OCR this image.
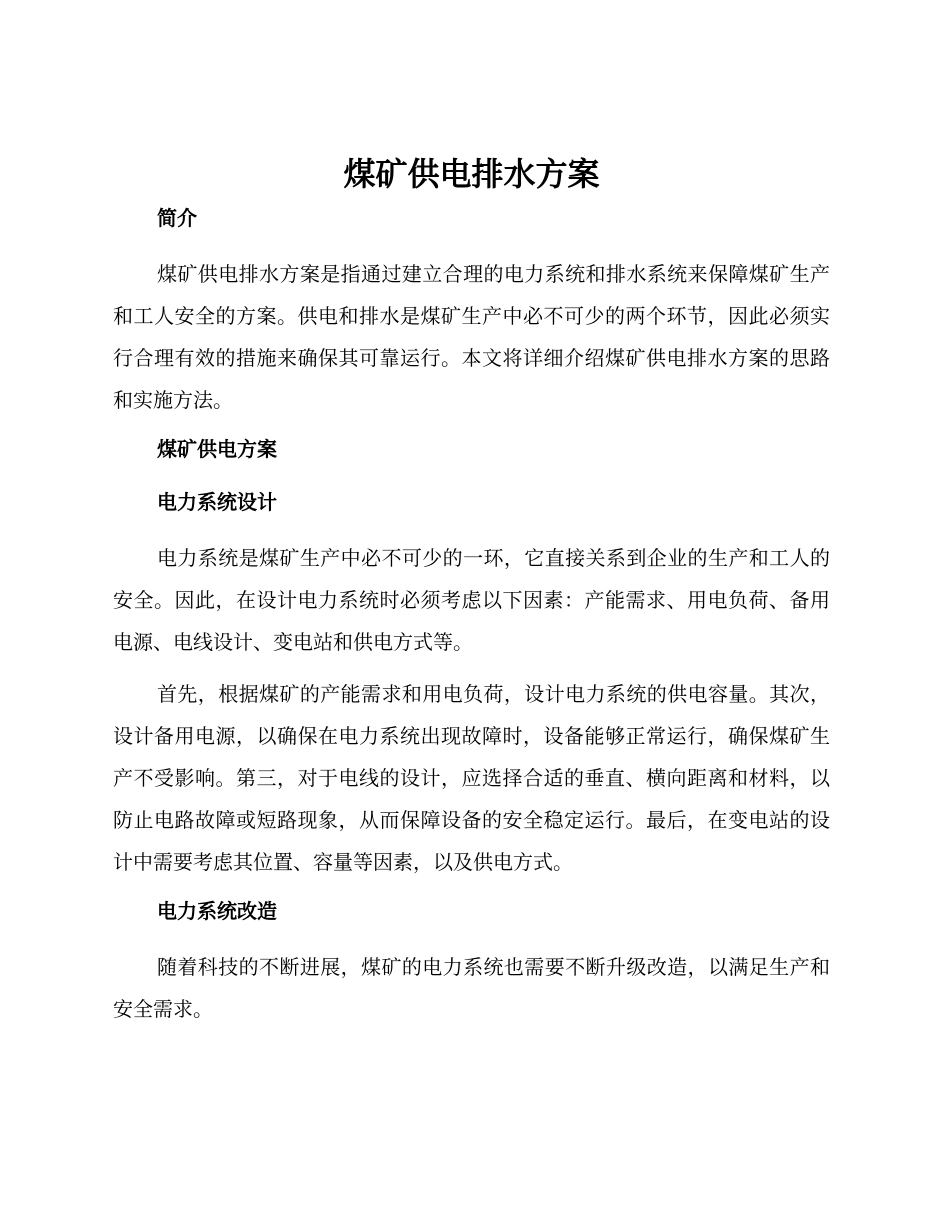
煤矿供电排水方案
简介

煤矿供电排水方案是指通过建立合理的电力系统和排水系统来保障煤矿生产和工人安全的方案。供电和排水是煤矿生产中必不可少的两个环节，因此必须实行合理有效的措施来确保其可靠运行。本文将详细介绍煤矿供电排水方案的思路和实施方法。

煤矿供电方案
电力系统设计

电力系统是煤矿生产中必不可少的一环，它直接关系到企业的生产和工人的安全。因此，在设计电力系统时必须考虑以下因素：产能需求、用电负荷、备用电源、电线设计、变电站和供电方式等。

首先，根据煤矿的产能需求和用电负荷，设计电力系统的供电容量。其次，设计备用电源，以确保在电力系统出现故障时，设备能够正常运行，确保煤矿生产不受影响。第三，对于电线的设计，应选择合适的垂直、横向距离和材料，以防止电路故障或短路现象，从而保障设备的安全稳定运行。最后，在变电站的设计中需要考虑其位置、容量等因素，以及供电方式。

电力系统改造

随着科技的不断进展，煤矿的电力系统也需要不断升级改造，以满足生产和安全需求。
